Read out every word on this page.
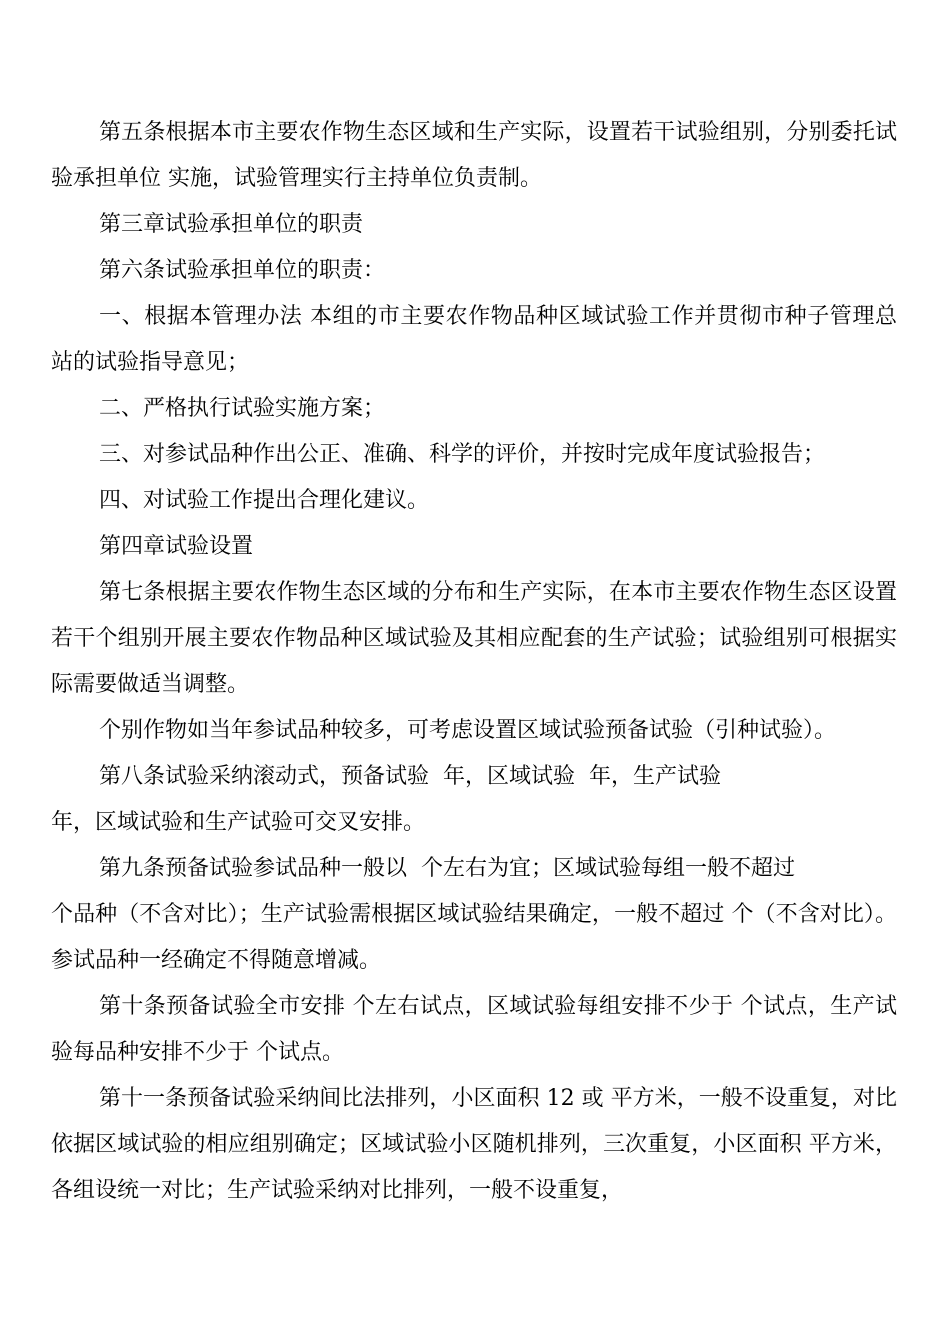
第五条根据本市主要农作物生态区域和生产实际，设置若干试验组别，分别委托试验承担单位 实施，试验管理实行主持单位负责制。
第三章试验承担单位的职责
第六条试验承担单位的职责：
一、根据本管理办法 本组的市主要农作物品种区域试验工作并贯彻市种子管理总站的试验指导意见；
二、严格执行试验实施方案；
三、对参试品种作出公正、准确、科学的评价，并按时完成年度试验报告；
四、对试验工作提出合理化建议。
第四章试验设置
第七条根据主要农作物生态区域的分布和生产实际，在本市主要农作物生态区设置若干个组别开展主要农作物品种区域试验及其相应配套的生产试验；试验组别可根据实际需要做适当调整。
个别作物如当年参试品种较多，可考虑设置区域试验预备试验（引种试验）。
第八条试验采纳滚动式，预备试验  年，区域试验  年，生产试验
年，区域试验和生产试验可交叉安排。
第九条预备试验参试品种一般以  个左右为宜；区域试验每组一般不超过
个品种（不含对比）；生产试验需根据区域试验结果确定，一般不超过 个（不含对比）。参试品种一经确定不得随意增减。
第十条预备试验全市安排 个左右试点，区域试验每组安排不少于 个试点，生产试验每品种安排不少于 个试点。
第十一条预备试验采纳间比法排列，小区面积 12 或 平方米，一般不设重复，对比依据区域试验的相应组别确定；区域试验小区随机排列，三次重复，小区面积 平方米，各组设统一对比；生产试验采纳对比排列，一般不设重复，
